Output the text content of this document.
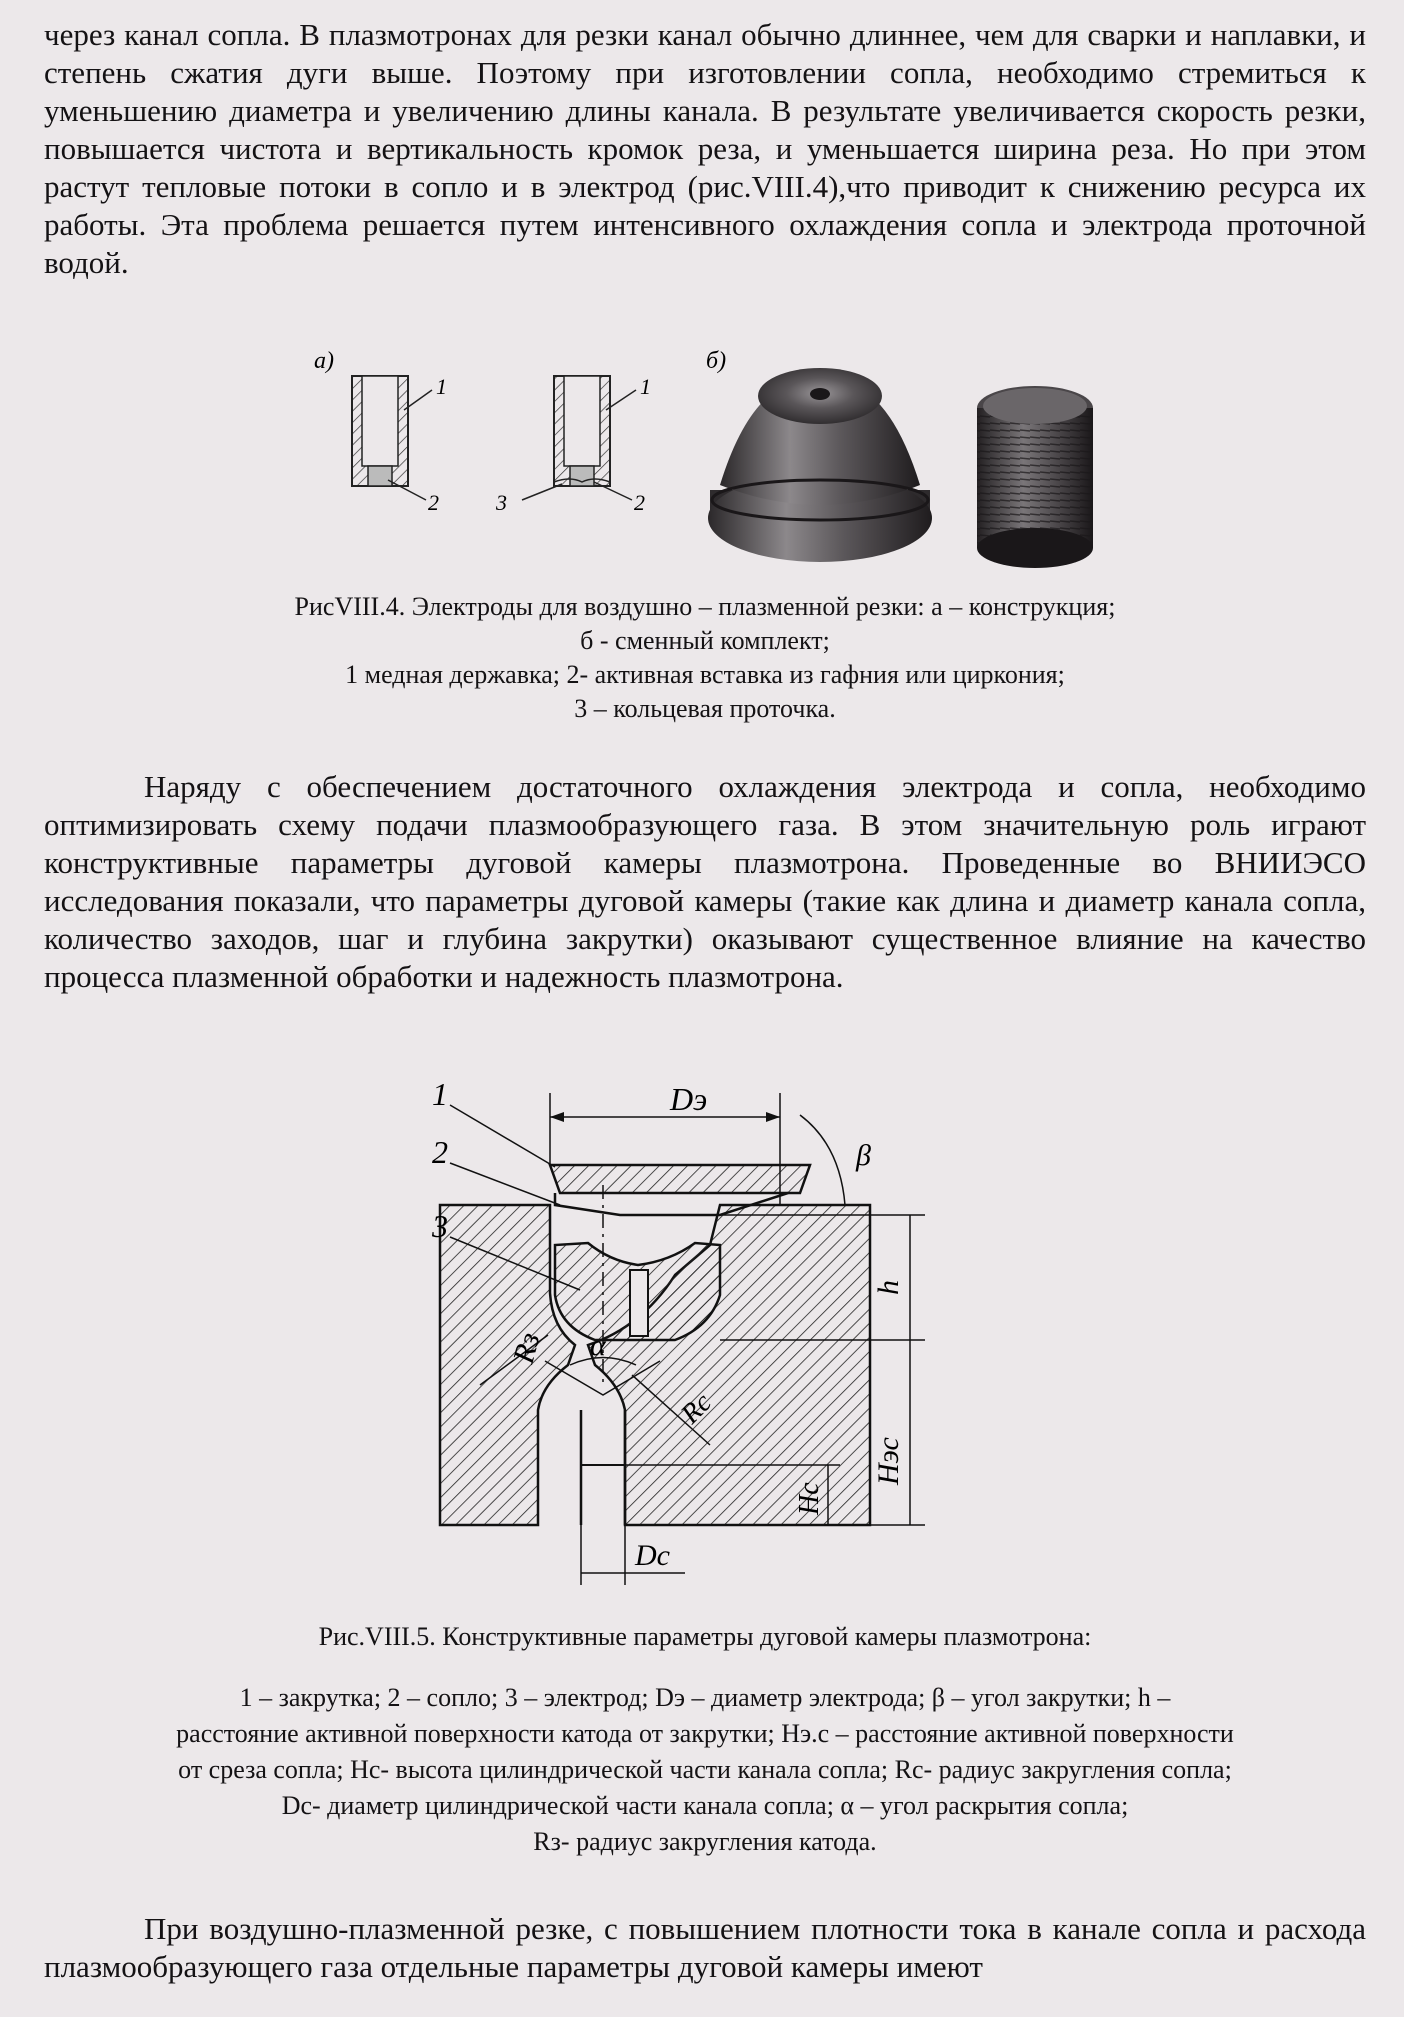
через канал сопла. В плазмотронах для резки канал обычно длиннее, чем для сварки и наплавки, и степень сжатия дуги выше. Поэтому при изготовлении сопла, необходимо стремиться к уменьшению диаметра и увеличению длины канала. В результате увеличивается скорость резки, повышается чистота и вертикальность кромок реза, и уменьшается ширина реза. Но при этом растут тепловые потоки в сопло и в электрод (рис.VIII.4),что приводит к снижению ресурса их работы. Эта проблема решается путем интенсивного охлаждения сопла и электрода проточной водой.

а)
1
2
1
3	2
б)
РисVIII.4. Электроды для воздушно – плазменной резки: а – конструкция;
б - сменный комплект;
1 медная державка; 2- активная вставка из гафния или циркония;
3 – кольцевая проточка.

Наряду с обеспечением достаточного охлаждения электрода и сопла, необходимо оптимизировать схему подачи плазмообразующего газа. В этом значительную роль играют конструктивные параметры дуговой камеры плазмотрона. Проведенные во ВНИИЭСО исследования показали, что параметры дуговой камеры (такие как длина и диаметр канала сопла, количество заходов, шаг и глубина закрутки) оказывают существенное влияние на качество процесса плазменной обработки и надежность плазмотрона.

1
2
3
Dэ
β
h
Rз α
Rc
Hэс
Hc
Dc
Рис.VIII.5. Конструктивные параметры дуговой камеры плазмотрона:
1 – закрутка; 2 – сопло; 3 – электрод; Dэ – диаметр электрода; β – угол закрутки; h –
расстояние активной поверхности катода от закрутки; Hэ.с – расстояние активной поверхности
от среза сопла; Hс- высота цилиндрической части канала сопла; Rс- радиус закругления сопла;
Dс- диаметр цилиндрической части канала сопла; α – угол раскрытия сопла;
Rз- радиус закругления катода.

При воздушно-плазменной резке, с повышением плотности тока в канале сопла и расхода плазмообразующего газа отдельные параметры дуговой камеры имеют
